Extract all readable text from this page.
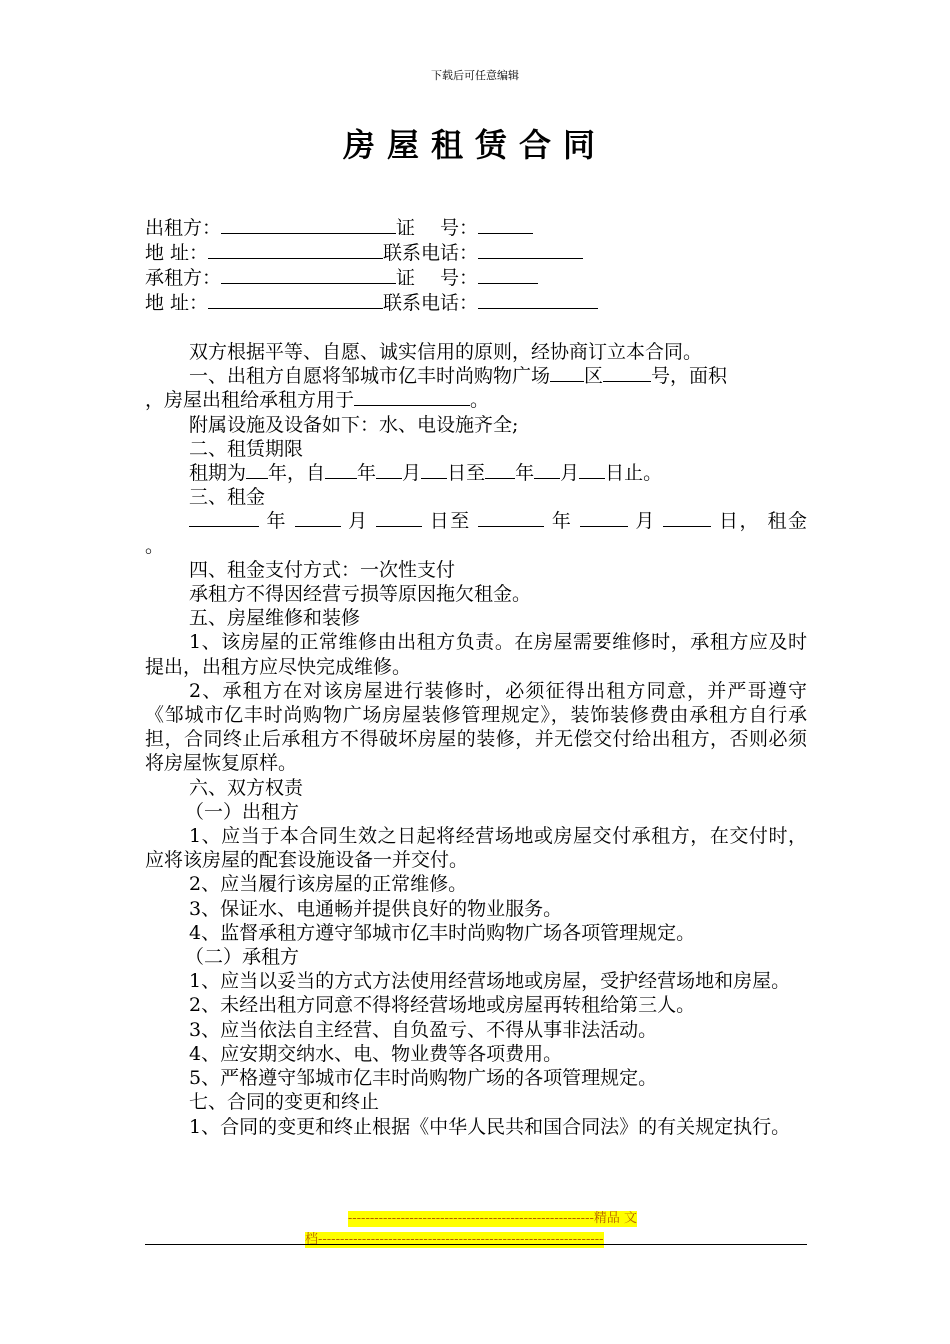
下载后可任意编辑
房屋租赁合同
出租方：	证　 号：
地 址：	联系电话：
承租方：	证　 号：
地 址：	联系电话：

双方根据平等、自愿、诚实信用的原则，经协商订立本合同。

一、出租方自愿将邹城市亿丰时尚购物广场 区	号，面积

，房屋出租给承租方用于	。

附属设施及设备如下：水、电设施齐全;

二、租赁期限

租期为 年，自 年 月 日至 年 月 日止。

三、租金

年	月	日至	年	月	日， 租金

。

四、租金支付方式：一次性支付

承租方不得因经营亏损等原因拖欠租金。

五、房屋维修和装修

1、该房屋的正常维修由出租方负责。在房屋需要维修时，承租方应及时提出，出租方应尽快完成维修。

2、承租方在对该房屋进行装修时，必须征得出租方同意，并严哥遵守《邹城市亿丰时尚购物广场房屋装修管理规定》，装饰装修费由承租方自行承担，合同终止后承租方不得破坏房屋的装修，并无偿交付给出租方，否则必须将房屋恢复原样。

六、双方权责

（一）出租方

1、应当于本合同生效之日起将经营场地或房屋交付承租方，在交付时，应将该房屋的配套设施设备一并交付。

2、应当履行该房屋的正常维修。

3、保证水、电通畅并提供良好的物业服务。

4、监督承租方遵守邹城市亿丰时尚购物广场各项管理规定。

（二）承租方

1、应当以妥当的方式方法使用经营场地或房屋，受护经营场地和房屋。

2、未经出租方同意不得将经营场地或房屋再转租给第三人。

3、应当依法自主经营、自负盈亏、不得从事非法活动。

4、应安期交纳水、电、物业费等各项费用。

5、严格遵守邹城市亿丰时尚购物广场的各项管理规定。

七、合同的变更和终止

1、合同的变更和终止根据《中华人民共和国合同法》的有关规定执行。

--------------------------------------------------------精品 文
档-----------------------------------------------------------------
